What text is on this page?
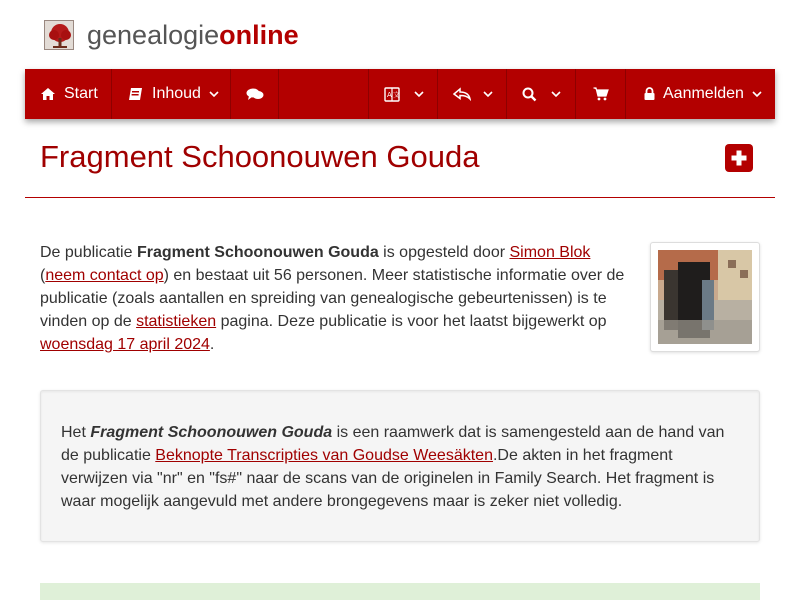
genealogieonline
Start	Inhoud	A 文	Aanmelden
Fragment Schoonouwen Gouda

De publicatie Fragment Schoonouwen Gouda is opgesteld door Simon Blok
(neem contact op) en bestaat uit 56 personen. Meer statistische informatie over de publicatie (zoals aantallen en spreiding van genealogische gebeurtenissen) is te vinden op de statistieken pagina. Deze publicatie is voor het laatst bijgewerkt op woensdag 17 april 2024.

Het Fragment Schoonouwen Gouda is een raamwerk dat is samengesteld aan de hand van de publicatie Beknopte Transcripties van Goudse Weesäkten.De akten in het fragment verwijzen via "nr" en "fs#" naar de scans van de originelen in Family Search. Het fragment is waar mogelijk aangevuld met andere brongegevens maar is zeker niet volledig.
